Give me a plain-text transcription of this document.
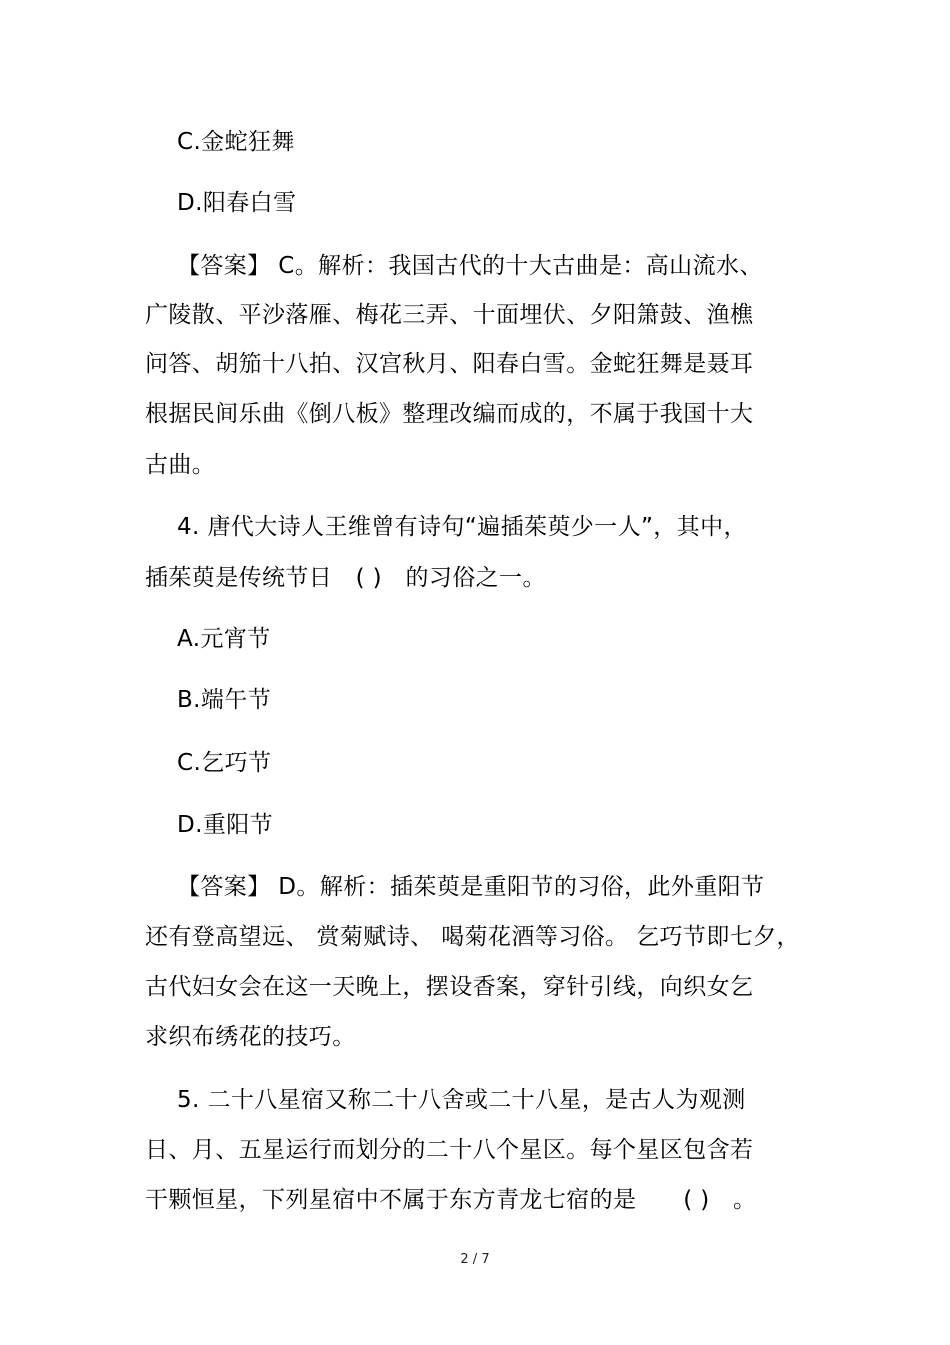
C.金蛇狂舞
D.阳春白雪
【答案】 C。解析：我国古代的十大古曲是：高山流水、
广陵散、平沙落雁、梅花三弄、十面埋伏、夕阳箫鼓、渔樵
问答、胡笳十八拍、汉宫秋月、阳春白雪。金蛇狂舞是聂耳
根据民间乐曲《倒八板》整理改编而成的，不属于我国十大
古曲。
4. 唐代大诗人王维曾有诗句“遍插茱萸少一人”，其中，
插茱萸是传统节日　( )　的习俗之一。
A.元宵节
B.端午节
C.乞巧节
D.重阳节
【答案】 D。解析：插茱萸是重阳节的习俗，此外重阳节
还有登高望远、 赏菊赋诗、 喝菊花酒等习俗。 乞巧节即七夕，
古代妇女会在这一天晚上，摆设香案，穿针引线，向织女乞
求织布绣花的技巧。
5. 二十八星宿又称二十八舍或二十八星，是古人为观测
日、月、五星运行而划分的二十八个星区。每个星区包含若
干颗恒星，下列星宿中不属于东方青龙七宿的是　　( )　。
2 / 7
